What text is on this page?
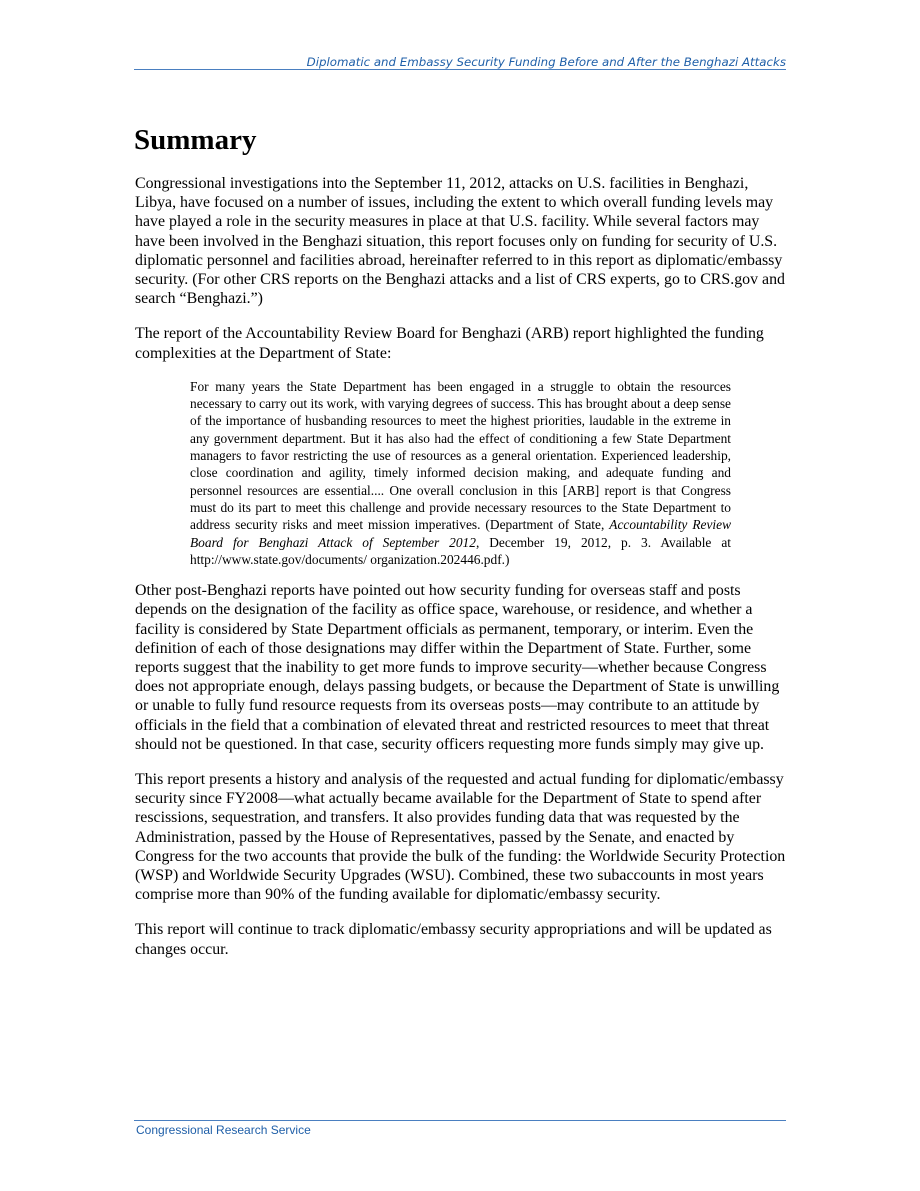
Diplomatic and Embassy Security Funding Before and After the Benghazi Attacks
Summary

Congressional investigations into the September 11, 2012, attacks on U.S. facilities in Benghazi, Libya, have focused on a number of issues, including the extent to which overall funding levels may have played a role in the security measures in place at that U.S. facility. While several factors may have been involved in the Benghazi situation, this report focuses only on funding for security of U.S. diplomatic personnel and facilities abroad, hereinafter referred to in this report as diplomatic/embassy security. (For other CRS reports on the Benghazi attacks and a list of CRS experts, go to CRS.gov and search “Benghazi.”)

The report of the Accountability Review Board for Benghazi (ARB) report highlighted the funding complexities at the Department of State:

For many years the State Department has been engaged in a struggle to obtain the resources necessary to carry out its work, with varying degrees of success. This has brought about a deep sense of the importance of husbanding resources to meet the highest priorities, laudable in the extreme in any government department. But it has also had the effect of conditioning a few State Department managers to favor restricting the use of resources as a general orientation. Experienced leadership, close coordination and agility, timely informed decision making, and adequate funding and personnel resources are essential.... One overall conclusion in this [ARB] report is that Congress must do its part to meet this challenge and provide necessary resources to the State Department to address security risks and meet mission imperatives. (Department of State, Accountability Review Board for Benghazi Attack of September 2012, December 19, 2012, p. 3. Available at http://www.state.gov/documents/ organization.202446.pdf.)

Other post-Benghazi reports have pointed out how security funding for overseas staff and posts depends on the designation of the facility as office space, warehouse, or residence, and whether a facility is considered by State Department officials as permanent, temporary, or interim. Even the definition of each of those designations may differ within the Department of State. Further, some reports suggest that the inability to get more funds to improve security—whether because Congress does not appropriate enough, delays passing budgets, or because the Department of State is unwilling or unable to fully fund resource requests from its overseas posts—may contribute to an attitude by officials in the field that a combination of elevated threat and restricted resources to meet that threat should not be questioned. In that case, security officers requesting more funds simply may give up.

This report presents a history and analysis of the requested and actual funding for diplomatic/embassy security since FY2008—what actually became available for the Department of State to spend after rescissions, sequestration, and transfers. It also provides funding data that was requested by the Administration, passed by the House of Representatives, passed by the Senate, and enacted by Congress for the two accounts that provide the bulk of the funding: the Worldwide Security Protection (WSP) and Worldwide Security Upgrades (WSU). Combined, these two subaccounts in most years comprise more than 90% of the funding available for diplomatic/embassy security.

This report will continue to track diplomatic/embassy security appropriations and will be updated as changes occur.

Congressional Research Service
